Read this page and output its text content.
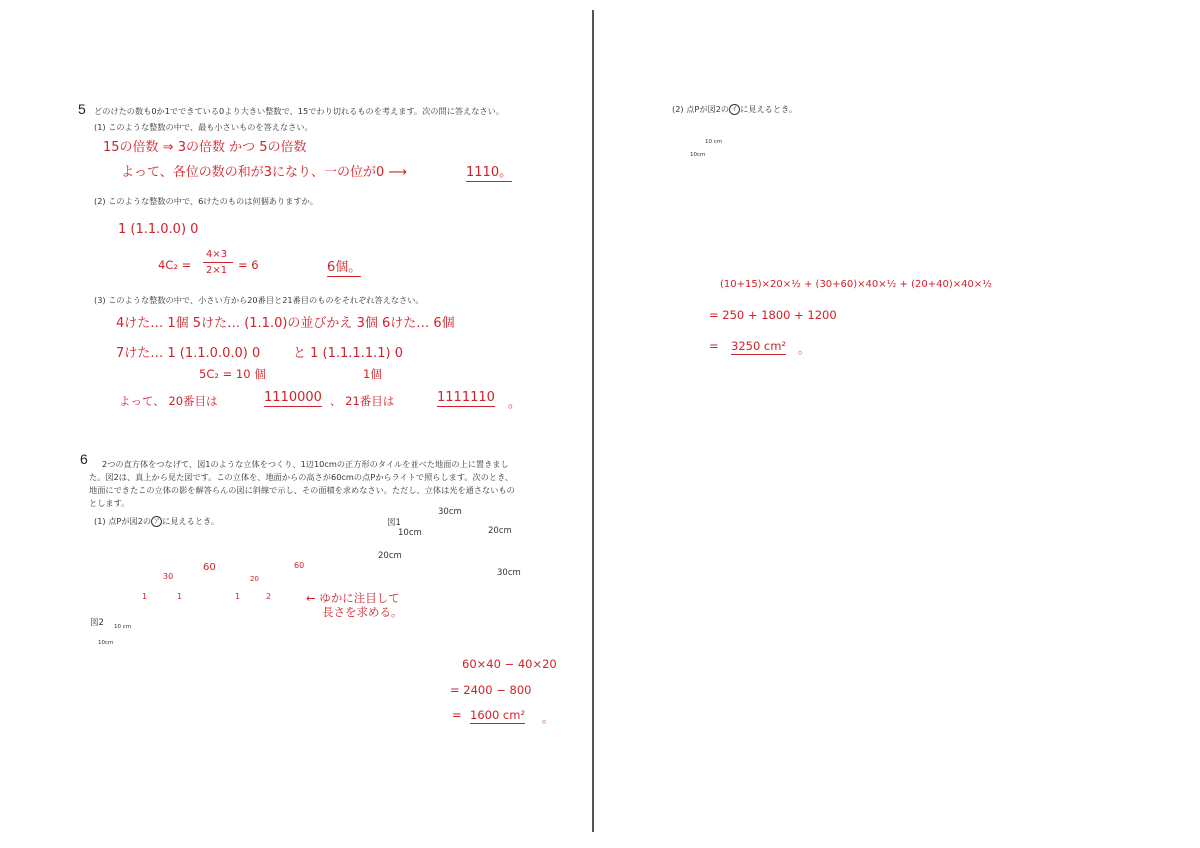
5 どのけたの数も0か1でできている0より大きい整数で、15でわり切れるものを考えます。次の問に答えなさい。
(1) このような整数の中で、最も小さいものを答えなさい。
15の倍数 ⇒ 3の倍数 かつ 5の倍数
よって、各位の数の和が3になり、一の位が0 ⟶	1110。
(2) このような整数の中で、6けたのものは何個ありますか。
1 (1.1.0.0) 0
4C₂ =
4×3
2×1 = 6	6個。
(3) このような整数の中で、小さい方から20番目と21番目のものをそれぞれ答えなさい。
4けた… 1個 5けた… (1.1.0)の並びかえ 3個 6けた… 6個
7けた… 1 (1.1.0.0.0) 0	と 1 (1.1.1.1.1) 0
5C₂ = 10 個	1個
よって、 20番目は	1110000 、 21番目は	1111110 。
6 2つの直方体をつなげて、図1のような立体をつくり、1辺10cmの正方形のタイルを並べた地面の上に置きまし
た。図2は、真上から見た図です。この立体を、地面からの高さが60cmの点Pからライトで照らします。次のとき、
地面にできたこの立体の影を解答らんの図に斜線で示し、その面積を求めなさい。ただし、立体は光を通さないもの
とします。
(1) 点Pが図2の ア に見えるとき。
60
30
1	1
60
20
1	2	← ゆかに注目して
長さを求める。
図1
30cm
10cm
20cm
20cm
30cm
図2 10 cm
10cm
60×40 − 40×20
= 2400 − 800
= 1600 cm² 。
(2) 点Pが図2の イ に見えるとき。
10 cm
10cm
(10+15)×20×½ + (30+60)×40×½ + (20+40)×40×½
= 250 + 1800 + 1200
= 3250 cm² 。
